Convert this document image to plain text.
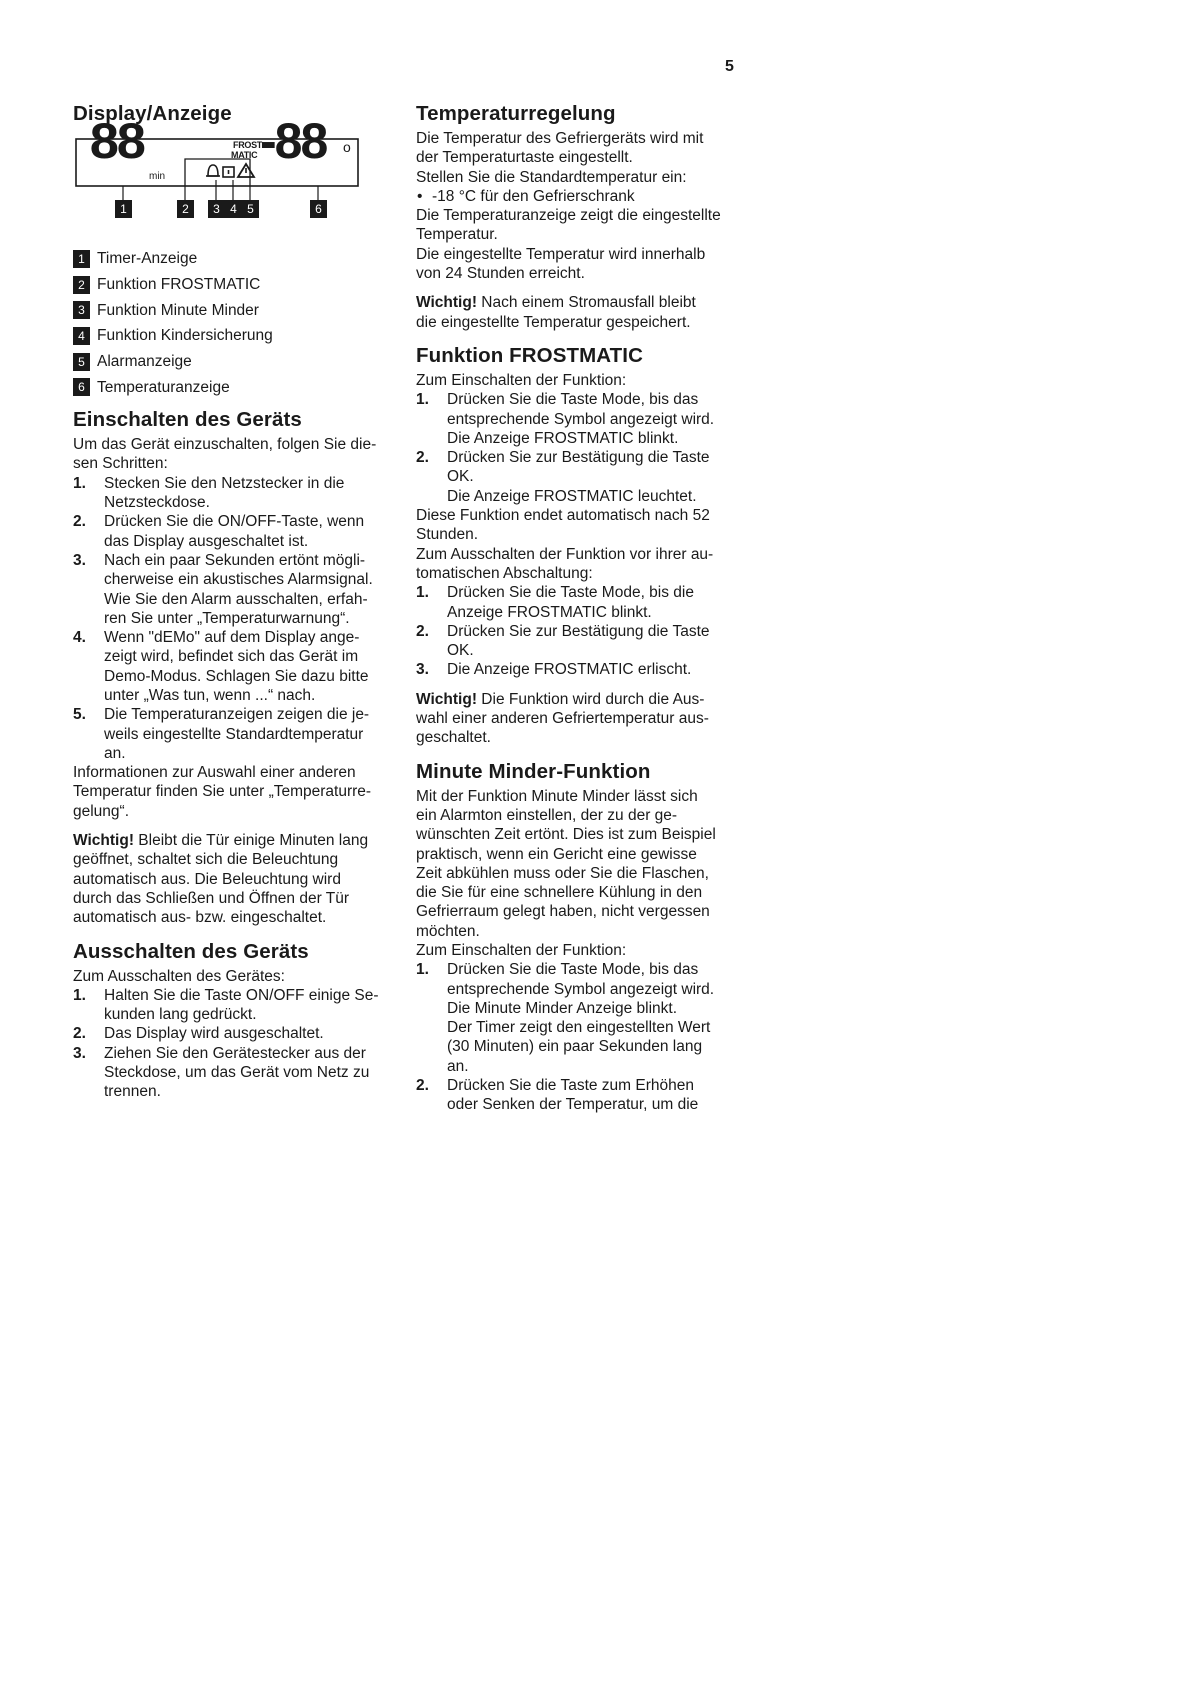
5
Display/Anzeige
88
min
FROST
MATIC -88 o
1	2	3 4 5	6
1 Timer-Anzeige
2 Funktion FROSTMATIC
3 Funktion Minute Minder
4 Funktion Kindersicherung
5 Alarmanzeige
6 Temperaturanzeige
Einschalten des Geräts

Um das Gerät einzuschalten, folgen Sie die-
sen Schritten:

1. Stecken Sie den Netzstecker in die
Netzsteckdose.
2. Drücken Sie die ON/OFF-Taste, wenn
das Display ausgeschaltet ist.
3. Nach ein paar Sekunden ertönt mögli-
cherweise ein akustisches Alarmsignal.
Wie Sie den Alarm ausschalten, erfah-
ren Sie unter „Temperaturwarnung“.
4. Wenn "dEMo" auf dem Display ange-
zeigt wird, befindet sich das Gerät im
Demo-Modus. Schlagen Sie dazu bitte
unter „Was tun, wenn ...“ nach.
5. Die Temperaturanzeigen zeigen die je-
weils eingestellte Standardtemperatur
an.

Informationen zur Auswahl einer anderen
Temperatur finden Sie unter „Temperaturre-
gelung“.

Wichtig! Bleibt die Tür einige Minuten lang
geöffnet, schaltet sich die Beleuchtung
automatisch aus. Die Beleuchtung wird
durch das Schließen und Öffnen der Tür
automatisch aus- bzw. eingeschaltet.

Ausschalten des Geräts

Zum Ausschalten des Gerätes:

1. Halten Sie die Taste ON/OFF einige Se-
kunden lang gedrückt.
2. Das Display wird ausgeschaltet.
3. Ziehen Sie den Gerätestecker aus der
Steckdose, um das Gerät vom Netz zu
trennen.
Temperaturregelung

Die Temperatur des Gefriergeräts wird mit
der Temperaturtaste eingestellt.
Stellen Sie die Standardtemperatur ein:

• -18 °C für den Gefrierschrank

Die Temperaturanzeige zeigt die eingestellte
Temperatur.
Die eingestellte Temperatur wird innerhalb
von 24 Stunden erreicht.

Wichtig! Nach einem Stromausfall bleibt
die eingestellte Temperatur gespeichert.

Funktion FROSTMATIC

Zum Einschalten der Funktion:

1. Drücken Sie die Taste Mode, bis das
entsprechende Symbol angezeigt wird.
Die Anzeige FROSTMATIC blinkt.
2. Drücken Sie zur Bestätigung die Taste
OK.
Die Anzeige FROSTMATIC leuchtet.

Diese Funktion endet automatisch nach 52
Stunden.
Zum Ausschalten der Funktion vor ihrer au-
tomatischen Abschaltung:

1. Drücken Sie die Taste Mode, bis die
Anzeige FROSTMATIC blinkt.
2. Drücken Sie zur Bestätigung die Taste
OK.
3. Die Anzeige FROSTMATIC erlischt.

Wichtig! Die Funktion wird durch die Aus-
wahl einer anderen Gefriertemperatur aus-
geschaltet.

Minute Minder-Funktion

Mit der Funktion Minute Minder lässt sich
ein Alarmton einstellen, der zu der ge-
wünschten Zeit ertönt. Dies ist zum Beispiel
praktisch, wenn ein Gericht eine gewisse
Zeit abkühlen muss oder Sie die Flaschen,
die Sie für eine schnellere Kühlung in den
Gefrierraum gelegt haben, nicht vergessen
möchten.
Zum Einschalten der Funktion:

1. Drücken Sie die Taste Mode, bis das
entsprechende Symbol angezeigt wird.
Die Minute Minder Anzeige blinkt.
Der Timer zeigt den eingestellten Wert
(30 Minuten) ein paar Sekunden lang
an.
2. Drücken Sie die Taste zum Erhöhen
oder Senken der Temperatur, um die
